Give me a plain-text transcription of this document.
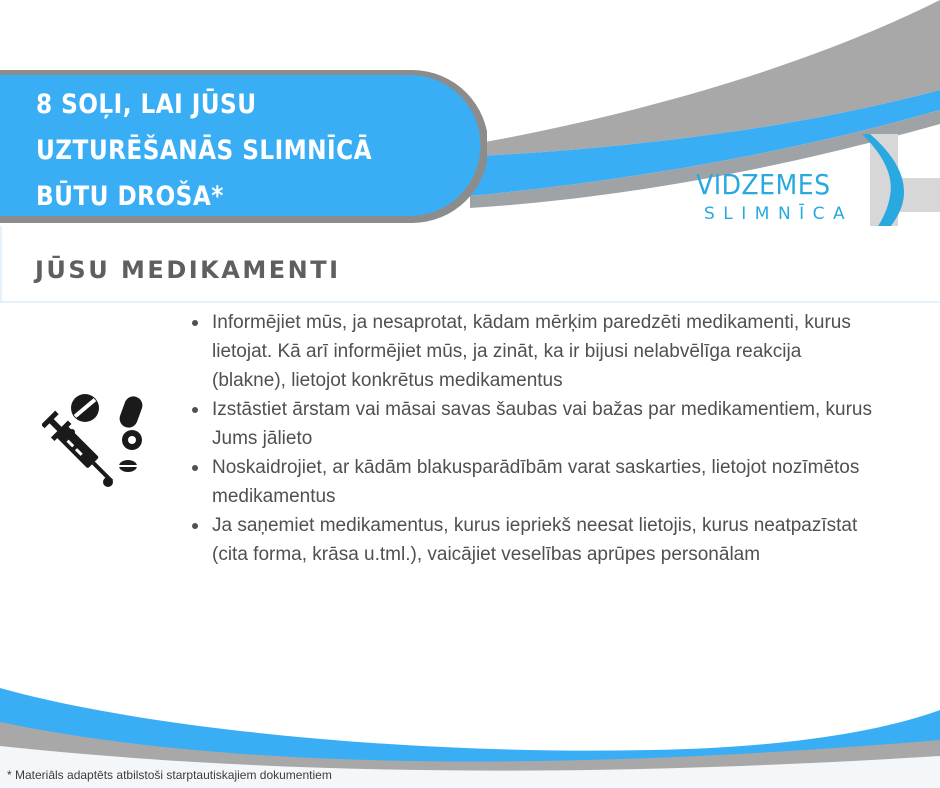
8 SOĻI, LAI JŪSU
UZTURĒŠANĀS SLIMNĪCĀ
BŪTU DROŠA*	VIDZEMES
SLIMNĪCA
JŪSU MEDIKAMENTI
Informējiet mūs, ja nesaprotat, kādam mērķim paredzēti medikamenti, kurus lietojat. Kā arī informējiet mūs, ja zināt, ka ir bijusi nelabvēlīga reakcija (blakne), lietojot konkrētus medikamentus
Izstāstiet ārstam vai māsai savas šaubas vai bažas par medikamentiem, kurus Jums jālieto
Noskaidrojiet, ar kādām blakusparādībām varat saskarties, lietojot nozīmētos medikamentus
Ja saņemiet medikamentus, kurus iepriekš neesat lietojis, kurus neatpazīstat (cita forma, krāsa u.tml.), vaicājiet veselības aprūpes personālam
* Materiāls adaptēts atbilstoši starptautiskajiem dokumentiem
